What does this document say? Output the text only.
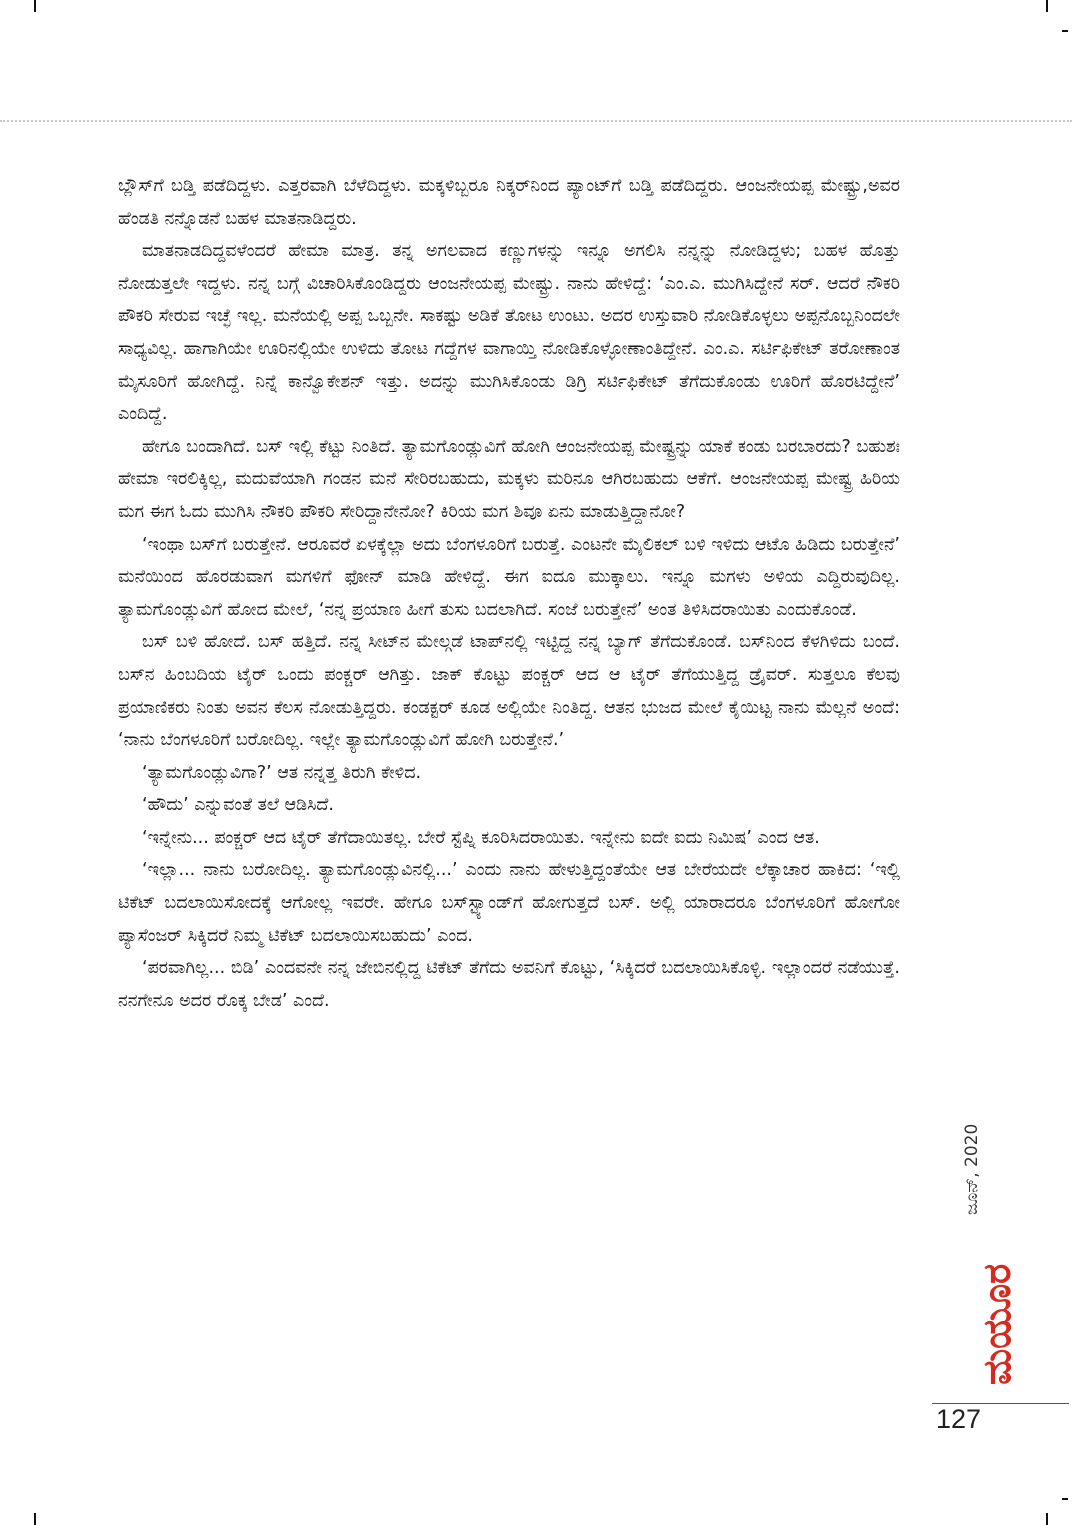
ಬ್ಲೌಸ್‌ಗೆ ಬಡ್ತಿ ಪಡೆದಿದ್ದಳು. ಎತ್ತರವಾಗಿ ಬೆಳೆದಿದ್ದಳು. ಮಕ್ಕಳಿಬ್ಬರೂ ನಿಕ್ಕರ್‌ನಿಂದ ಪ್ಯಾಂಟ್‌ಗೆ ಬಡ್ತಿ ಪಡೆದಿದ್ದರು. ಆಂಜನೇಯಪ್ಪ ಮೇಷ್ಟ್ರು,ಅವರ ಹೆಂಡತಿ ನನ್ನೊಡನೆ ಬಹಳ ಮಾತನಾಡಿದ್ದರು.

ಮಾತನಾಡದಿದ್ದವಳೆಂದರೆ ಹೇಮಾ ಮಾತ್ರ. ತನ್ನ ಅಗಲವಾದ ಕಣ್ಣುಗಳನ್ನು ಇನ್ನೂ ಅಗಲಿಸಿ ನನ್ನನ್ನು ನೋಡಿದ್ದಳು; ಬಹಳ ಹೊತ್ತು ನೋಡುತ್ತಲೇ ಇದ್ದಳು. ನನ್ನ ಬಗ್ಗೆ ವಿಚಾರಿಸಿಕೊಂಡಿದ್ದರು ಆಂಜನೇಯಪ್ಪ ಮೇಷ್ಟ್ರು. ನಾನು ಹೇಳಿದ್ದೆ: ‘ಎಂ.ಎ. ಮುಗಿಸಿದ್ದೇನೆ ಸರ್. ಆದರೆ ನೌಕರಿ ಪೌಕರಿ ಸೇರುವ ಇಚ್ಛೆ ಇಲ್ಲ. ಮನೆಯಲ್ಲಿ ಅಪ್ಪ ಒಬ್ಬನೇ. ಸಾಕಷ್ಟು ಅಡಿಕೆ ತೋಟ ಉಂಟು. ಅದರ ಉಸ್ತುವಾರಿ ನೋಡಿಕೊಳ್ಳಲು ಅಪ್ಪನೊಬ್ಬನಿಂದಲೇ ಸಾಧ್ಯವಿಲ್ಲ. ಹಾಗಾಗಿಯೇ ಊರಿನಲ್ಲಿಯೇ ಉಳಿದು ತೋಟ ಗದ್ದೆಗಳ ವಾಗಾಯ್ತಿ ನೋಡಿಕೊಳ್ಳೋಣಾಂತಿದ್ದೇನೆ. ಎಂ.ಎ. ಸರ್ಟಿಫಿಕೇಟ್ ತರೋಣಾಂತ ಮೈಸೂರಿಗೆ ಹೋಗಿದ್ದೆ. ನಿನ್ನೆ ಕಾನ್ವೊಕೇಶನ್ ಇತ್ತು. ಅದನ್ನು ಮುಗಿಸಿಕೊಂಡು ಡಿಗ್ರಿ ಸರ್ಟಿಫಿಕೇಟ್ ತೆಗೆದುಕೊಂಡು ಊರಿಗೆ ಹೊರಟಿದ್ದೇನೆ’ ಎಂದಿದ್ದೆ.

ಹೇಗೂ ಬಂದಾಗಿದೆ. ಬಸ್ ಇಲ್ಲಿ ಕೆಟ್ಟು ನಿಂತಿದೆ. ತ್ಯಾಮಗೊಂಡ್ಲುವಿಗೆ ಹೋಗಿ ಆಂಜನೇಯಪ್ಪ ಮೇಷ್ಟ್ರನ್ನು ಯಾಕೆ ಕಂಡು ಬರಬಾರದು? ಬಹುಶಃ ಹೇಮಾ ಇರಲಿಕ್ಕಿಲ್ಲ, ಮದುವೆಯಾಗಿ ಗಂಡನ ಮನೆ ಸೇರಿರಬಹುದು, ಮಕ್ಕಳು ಮರಿನೂ ಆಗಿರಬಹುದು ಆಕೆಗೆ. ಆಂಜನೇಯಪ್ಪ ಮೇಷ್ಟ್ರ ಹಿರಿಯ ಮಗ ಈಗ ಓದು ಮುಗಿಸಿ ನೌಕರಿ ಪೌಕರಿ ಸೇರಿದ್ದಾನೇನೋ? ಕಿರಿಯ ಮಗ ಶಿವೂ ಏನು ಮಾಡುತ್ತಿದ್ದಾನೋ?

‘ಇಂಥಾ ಬಸ್‌ಗೆ ಬರುತ್ತೇನೆ. ಆರೂವರೆ ಏಳಕ್ಕೆಲ್ಲಾ ಅದು ಬೆಂಗಳೂರಿಗೆ ಬರುತ್ತೆ. ಎಂಟನೇ ಮೈಲಿಕಲ್ ಬಳಿ ಇಳಿದು ಆಟೊ ಹಿಡಿದು ಬರುತ್ತೇನೆ’ ಮನೆಯಿಂದ ಹೊರಡುವಾಗ ಮಗಳಿಗೆ ಫೋನ್ ಮಾಡಿ ಹೇಳಿದ್ದೆ. ಈಗ ಐದೂ ಮುಕ್ಕಾಲು. ಇನ್ನೂ ಮಗಳು ಅಳಿಯ ಎದ್ದಿರುವುದಿಲ್ಲ. ತ್ಯಾಮಗೊಂಡ್ಲುವಿಗೆ ಹೋದ ಮೇಲೆ, ‘ನನ್ನ ಪ್ರಯಾಣ ಹೀಗೆ ತುಸು ಬದಲಾಗಿದೆ. ಸಂಜೆ ಬರುತ್ತೇನೆ’ ಅಂತ ತಿಳಿಸಿದರಾಯಿತು ಎಂದುಕೊಂಡೆ.

ಬಸ್ ಬಳಿ ಹೋದೆ. ಬಸ್ ಹತ್ತಿದೆ. ನನ್ನ ಸೀಟ್‌ನ ಮೇಲ್ಗಡೆ ಟಾಪ್‌ನಲ್ಲಿ ಇಟ್ಟಿದ್ದ ನನ್ನ ಬ್ಯಾಗ್ ತೆಗೆದುಕೊಂಡೆ. ಬಸ್‌ನಿಂದ ಕೆಳಗಿಳಿದು ಬಂದೆ. ಬಸ್‌ನ ಹಿಂಬದಿಯ ಟೈರ್ ಒಂದು ಪಂಕ್ಚರ್ ಆಗಿತ್ತು. ಜಾಕ್ ಕೊಟ್ಟು ಪಂಕ್ಚರ್ ಆದ ಆ ಟೈರ್ ತೆಗೆಯುತ್ತಿದ್ದ ಡ್ರೈವರ್. ಸುತ್ತಲೂ ಕೆಲವು ಪ್ರಯಾಣಿಕರು ನಿಂತು ಅವನ ಕೆಲಸ ನೋಡುತ್ತಿದ್ದರು. ಕಂಡಕ್ಟರ್ ಕೂಡ ಅಲ್ಲಿಯೇ ನಿಂತಿದ್ದ. ಆತನ ಭುಜದ ಮೇಲೆ ಕೈಯಿಟ್ಟ ನಾನು ಮೆಲ್ಲನೆ ಅಂದೆ: ‘ನಾನು ಬೆಂಗಳೂರಿಗೆ ಬರೋದಿಲ್ಲ. ಇಲ್ಲೇ ತ್ಯಾಮಗೊಂಡ್ಲುವಿಗೆ ಹೋಗಿ ಬರುತ್ತೇನೆ.’

‘ತ್ಯಾಮಗೊಂಡ್ಲುವಿಗಾ?’ ಆತ ನನ್ನತ್ತ ತಿರುಗಿ ಕೇಳಿದ.

‘ಹೌದು’ ಎನ್ನುವಂತೆ ತಲೆ ಆಡಿಸಿದೆ.

‘ಇನ್ನೇನು... ಪಂಕ್ಚರ್ ಆದ ಟೈರ್ ತೆಗೆದಾಯಿತಲ್ಲ. ಬೇರೆ ಸ್ಟೆಪ್ನಿ ಕೂರಿಸಿದರಾಯಿತು. ಇನ್ನೇನು ಐದೇ ಐದು ನಿಮಿಷ’ ಎಂದ ಆತ.

‘ಇಲ್ಲಾ... ನಾನು ಬರೋದಿಲ್ಲ. ತ್ಯಾಮಗೊಂಡ್ಲುವಿನಲ್ಲಿ...’ ಎಂದು ನಾನು ಹೇಳುತ್ತಿದ್ದಂತೆಯೇ ಆತ ಬೇರೆಯದೇ ಲೆಕ್ಕಾಚಾರ ಹಾಕಿದ: ‘ಇಲ್ಲಿ ಟಿಕೆಟ್ ಬದಲಾಯಿಸೋದಕ್ಕೆ ಆಗೋಲ್ಲ ಇವರೇ. ಹೇಗೂ ಬಸ್‌ಸ್ಟ್ಯಾಂಡ್‌ಗೆ ಹೋಗುತ್ತದೆ ಬಸ್. ಅಲ್ಲಿ ಯಾರಾದರೂ ಬೆಂಗಳೂರಿಗೆ ಹೋಗೋ ಪ್ಯಾಸೆಂಜರ್ ಸಿಕ್ಕಿದರೆ ನಿಮ್ಮ ಟಿಕೆಟ್ ಬದಲಾಯಿಸಬಹುದು’ ಎಂದ.

‘ಪರವಾಗಿಲ್ಲ... ಬಿಡಿ’ ಎಂದವನೇ ನನ್ನ ಜೇಬಿನಲ್ಲಿದ್ದ ಟಿಕೆಟ್ ತೆಗೆದು ಅವನಿಗೆ ಕೊಟ್ಟು, ‘ಸಿಕ್ಕಿದರೆ ಬದಲಾಯಿಸಿಕೊಳ್ಳಿ. ಇಲ್ಲಾಂದರೆ ನಡೆಯುತ್ತೆ. ನನಗೇನೂ ಅದರ ರೊಕ್ಕ ಬೇಡ’ ಎಂದೆ.

ಜೂನ್, 2020
ಮಯೂರ
127
